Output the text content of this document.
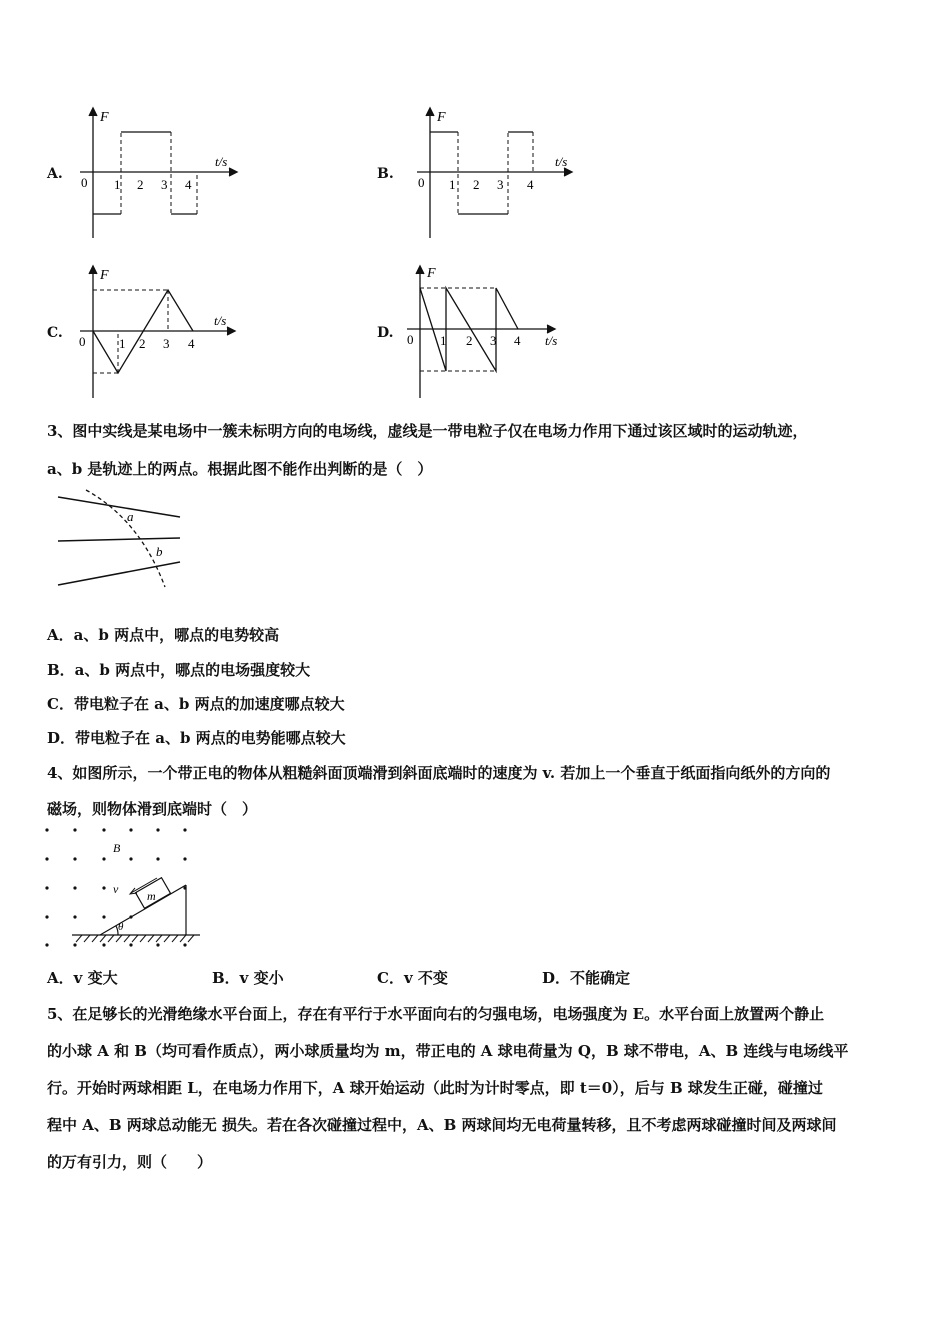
A.	B.
C.	D.
F
t/s
0 1 2 3 4
F
t/s
0 1 2 3 4
F
t/s
0	1 2 3 4
F
t/s
0 1 2 3 4
3、图中实线是某电场中一簇未标明方向的电场线，虚线是一带电粒子仅在电场力作用下通过该区域时的运动轨迹，
a、b 是轨迹上的两点。根据此图不能作出判断的是（　）
a
b
A．a、b 两点中，哪点的电势较高
B．a、b 两点中，哪点的电场强度较大
C．带电粒子在 a、b 两点的加速度哪点较大
D．带电粒子在 a、b 两点的电势能哪点较大
4、如图所示，一个带正电的物体从粗糙斜面顶端滑到斜面底端时的速度为 v. 若加上一个垂直于纸面指向纸外的方向的
磁场，则物体滑到底端时（　）
B
v m
θ
A．v 变大	B．v 变小	C．v 不变	D．不能确定
5、在足够长的光滑绝缘水平台面上，存在有平行于水平面向右的匀强电场，电场强度为 E。水平台面上放置两个静止
的小球 A 和 B（均可看作质点），两小球质量均为 m，带正电的 A 球电荷量为 Q，B 球不带电，A、B 连线与电场线平
行。开始时两球相距 L，在电场力作用下，A 球开始运动（此时为计时零点，即 t＝0），后与 B 球发生正碰，碰撞过
程中 A、B 两球总动能无 损失。若在各次碰撞过程中，A、B 两球间均无电荷量转移，且不考虑两球碰撞时间及两球间
的万有引力，则（　　）
